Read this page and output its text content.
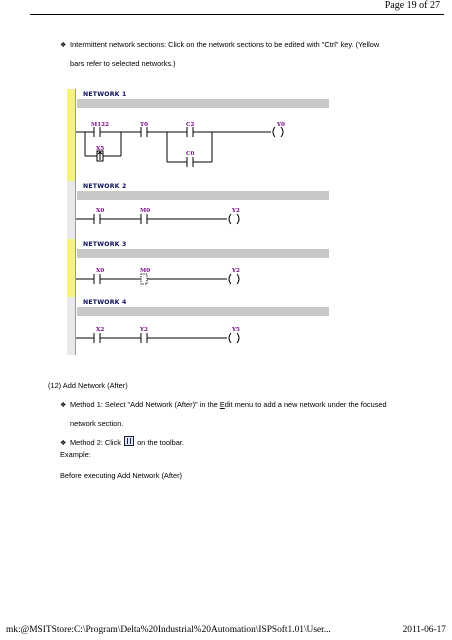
Page 19 of 27
❖ Intermittent network sections: Click on the network sections to be edited with "Ctrl" key. (Yellow
bars refer to selected networks.)
NETWORK 1
NETWORK 2
NETWORK 3
NETWORK 4
M122	T0	C2	Y0
X5
C0
X0	M0	Y2
X0	M0	Y2
X2	Y2	Y5
(12) Add Network (After)
❖ Method 1: Select "Add Network (After)" in the Edit menu to add a new network under the focused
network section.
❖ Method 2: Click on the toolbar.
Example:
Before executing Add Network (After)
mk:@MSITStore:C:\Program\Delta%20Industrial%20Automation\ISPSoft1.01\User...	2011-06-17
